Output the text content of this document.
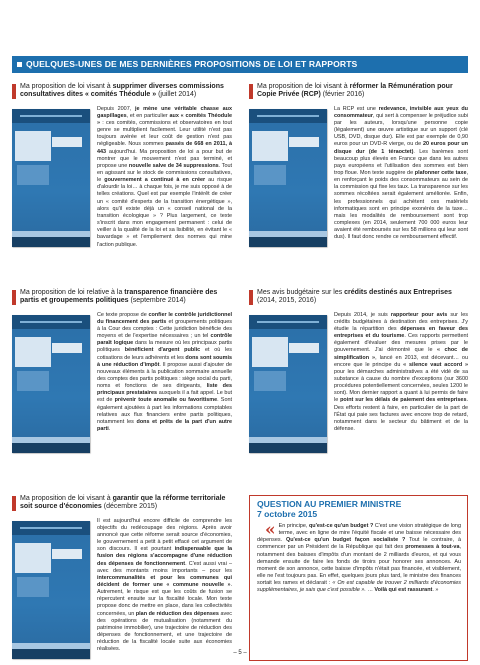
QUELQUES-UNES DE MES DERNIÈRES PROPOSITIONS DE LOI ET RAPPORTS
Ma proposition de loi visant à supprimer diverses commissions consultatives dites « comités Théodule » (juillet 2014)
Depuis 2007, je mène une véritable chasse aux gaspillages, et en particulier aux « comités Théodule » : ces comités, commissions et observatoires en tout genre se multiplient facilement. Leur utilité n'est pas toujours avérée et leur coût de gestion n'est pas négligeable. Nous sommes passés de 668 en 2011, à 443 aujourd'hui. Ma proposition de loi a pour but de montrer que le mouvement n'est pas terminé, et propose une nouvelle salve de 34 suppressions. Tout en agissant sur le stock de commissions consultatives, le gouvernement a continué à en créer au risque d'alourdir la loi… à chaque fois, je me suis opposé à de telles créations. Quel est par exemple l'intérêt de créer un « comité d'experts de la transition énergétique », alors qu'il existe déjà un « conseil national de la transition écologique » ? Plus largement, ce texte s'inscrit dans mon engagement permanent : celui de veiller à la qualité de la loi et sa lisibilité, en évitant le « bavardage » et l'empilement des normes qui mine l'action publique.
Ma proposition de loi visant à réformer la Rémunération pour Copie Privée (RCP) (février 2016)
La RCP est une redevance, invisible aux yeux du consommateur, qui sert à compenser le préjudice subi par les auteurs, lorsqu'une personne copie (légalement) une œuvre artistique sur un support (clé USB, DVD, disque dur). Elle est par exemple de 0,90 euros pour un DVD-R vierge, ou de 20 euros pour un disque dur (de 1 téraoctet). Les barèmes sont beaucoup plus élevés en France que dans les autres pays européens et l'utilisation des sommes est bien trop floue. Mon texte suggère de plafonner cette taxe, en renforçant le poids des consommateurs au sein de la commission qui fixe les taux. La transparence sur les sommes récoltées serait également améliorée. Enfin, les professionnels qui achètent ces matériels informatiques sont en principe exonérés de la taxe… mais les modalités de remboursement sont trop complexes (en 2014, seulement 700 000 euros leur avaient été remboursés sur les 58 millions qui leur sont dus). Il faut donc rendre ce remboursement effectif.
Ma proposition de loi relative à la transparence financière des partis et groupements politiques (septembre 2014)
Ce texte propose de confier le contrôle juridictionnel du financement des partis et groupements politiques à la Cour des comptes : Cette juridiction bénéficie des moyens et de l'expertise nécessaires ; un tel contrôle paraît logique dans la mesure où les principaux partis politiques bénéficient d'argent public et où les cotisations de leurs adhérents et les dons sont soumis à une réduction d'impôt. Il propose aussi d'ajouter de nouveaux éléments à la publication sommaire annuelle des comptes des partis politiques : siège social du parti, noms et fonctions de ses dirigeants, liste des principaux prestataires auxquels il a fait appel. Le but est de prévenir toute anomalie ou favoritisme. Sont également ajoutées à part les informations comptables relatives aux flux financiers entre partis politiques, notamment les dons et prêts de la part d'un autre parti.
Mes avis budgétaire sur les crédits destinés aux Entreprises (2014, 2015, 2016)
Depuis 2014, je suis rapporteur pour avis sur les crédits budgétaires à destination des entreprises. J'y étudie la répartition des dépenses en faveur des entreprises et du tourisme. Ces rapports permettent également d'évaluer des mesures prises par le gouvernement. J'ai démontré que le « choc de simplification », lancé en 2013, est décevant… ou encore que le principe du « silence vaut accord » pour les démarches administratives a été vidé de sa substance à cause du nombre d'exceptions (sur 3600 procédures potentiellement concernées, seules 1200 le sont). Mon dernier rapport a quant à lui permis de faire le point sur les délais de paiement des entreprises. Des efforts restent à faire, en particulier de la part de l'État qui paie ses factures avec encore trop de retard, notamment dans le secteur du bâtiment et de la défense.
Ma proposition de loi visant à garantir que la réforme territoriale soit source d'économies (décembre 2015)
Il est aujourd'hui encore difficile de comprendre les objectifs du redécoupage des régions. Après avoir annoncé que cette réforme serait source d'économies, le gouvernement a petit à petit effacé cet argument de son discours. Il est pourtant indispensable que la fusion des régions s'accompagne d'une réduction des dépenses de fonctionnement. C'est aussi vrai – avec des montants moins importants – pour les intercommunalités et pour les communes qui décident de former une « commune nouvelle ». Autrement, le risque est que les coûts de fusion se répercutent ensuite sur la fiscalité locale. Mon texte propose donc de mettre en place, dans les collectivités concernées, un plan de réduction des dépenses avec des opérations de mutualisation (notamment du patrimoine immobilier), une trajectoire de réduction des dépenses de fonctionnement, et une trajectoire de réduction de la fiscalité locale suite aux économies réalisées.
QUESTION AU PREMIER MINISTRE
7 octobre 2015
« En principe, qu'est-ce qu'un budget ? C'est une vision stratégique de long terme, avec en ligne de mire l'équité fiscale et une baisse nécessaire des dépenses. Qu'est-ce qu'un budget façon socialiste ? Tout le contraire, à commencer par un Président de la République qui fait des promesses à tout-va, notamment des baisses d'impôts d'un montant de 2 milliards d'euros, et qui vous demande ensuite de faire les fonds de tiroirs pour honorer ses annonces. Au moment de son annonce, cette baisse d'impôts n'était pas financée, et visiblement, elle ne l'est toujours pas. En effet, quelques jours plus tard, le ministre des finances sortait les rames et déclarait : « On est capable de trouver 2 milliards d'économies supplémentaires, je sais que c'est possible ». … Voilà qui est rassurant. »
– 5 –
